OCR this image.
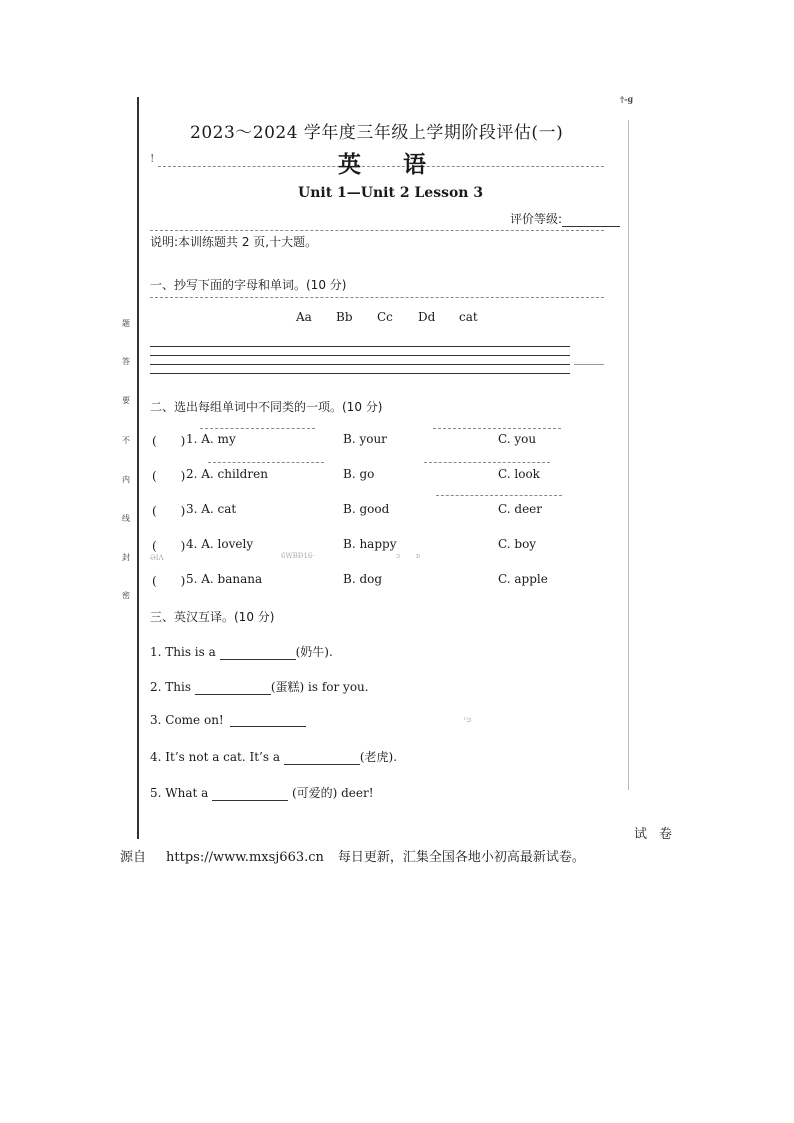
题
答
要
不
内
线
封
密
†-ɡ
2023～2024 学年度三年级上学期阶段评估(一)
!	英语
Unit 1—Unit 2 Lesson 3
评价等级:
说明:本训练题共 2 页,十大题。
一、抄写下面的字母和单词。(10 分)
Aa Bb Cc Dd cat
二、选出每组单词中不同类的一项。(10 分)
(　　) 1. A. my	B. your	C. you
(　　) 2. A. children	B. go	C. look
(　　) 3. A. cat	B. good	C. deer
(　　) 4. A. lovely	B. happy	C. boy
ƏIɅ	6WBƉ16·	ᴐ ᴅ
(　　) 5. A. banana	B. dog	C. apple
三、英汉互译。(10 分)
1. This is a	(奶牛).
2. This	(蛋糕) is for you.
3. Come on!	ꟲᴝ
4. It’s not a cat. It’s a	(老虎).
5. What a	(可爱的) deer!
试卷
源自 https://www.mxsj663.cn 每日更新，汇集全国各地小初高最新试卷。
